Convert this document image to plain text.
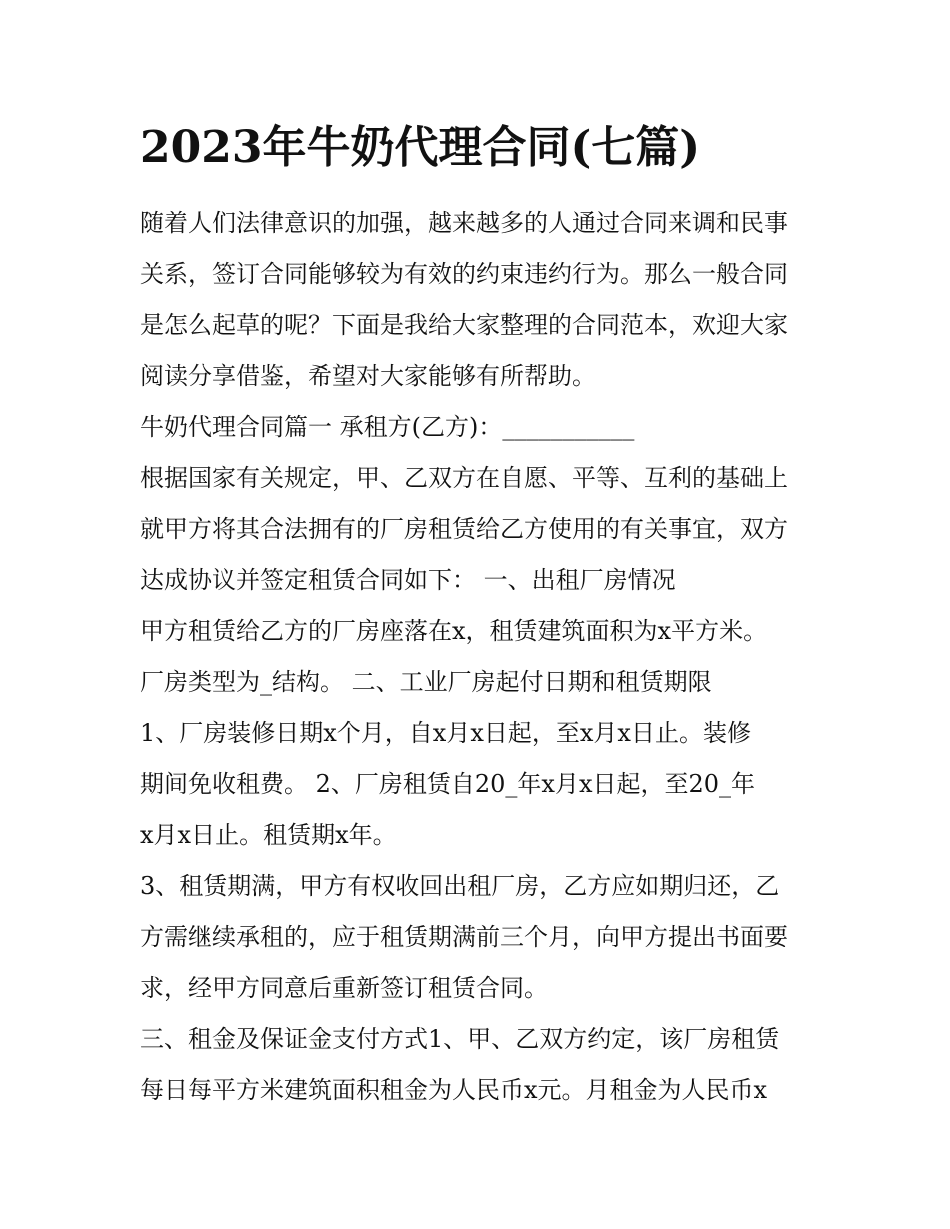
2023年牛奶代理合同(七篇)
随着人们法律意识的加强，越来越多的人通过合同来调和民事
关系，签订合同能够较为有效的约束违约行为。那么一般合同
是怎么起草的呢？下面是我给大家整理的合同范本，欢迎大家
阅读分享借鉴，希望对大家能够有所帮助。
牛奶代理合同篇一 承租方(乙方)：___________
根据国家有关规定，甲、乙双方在自愿、平等、互利的基础上
就甲方将其合法拥有的厂房租赁给乙方使用的有关事宜，双方
达成协议并签定租赁合同如下： 一、出租厂房情况
甲方租赁给乙方的厂房座落在x，租赁建筑面积为x平方米。
厂房类型为_结构。 二、工业厂房起付日期和租赁期限
1、厂房装修日期x个月，自x月x日起，至x月x日止。装修
期间免收租费。 2、厂房租赁自20_年x月x日起，至20_年
x月x日止。租赁期x年。
3、租赁期满，甲方有权收回出租厂房，乙方应如期归还，乙
方需继续承租的，应于租赁期满前三个月，向甲方提出书面要
求，经甲方同意后重新签订租赁合同。
三、租金及保证金支付方式1、甲、乙双方约定，该厂房租赁
每日每平方米建筑面积租金为人民币x元。月租金为人民币x
